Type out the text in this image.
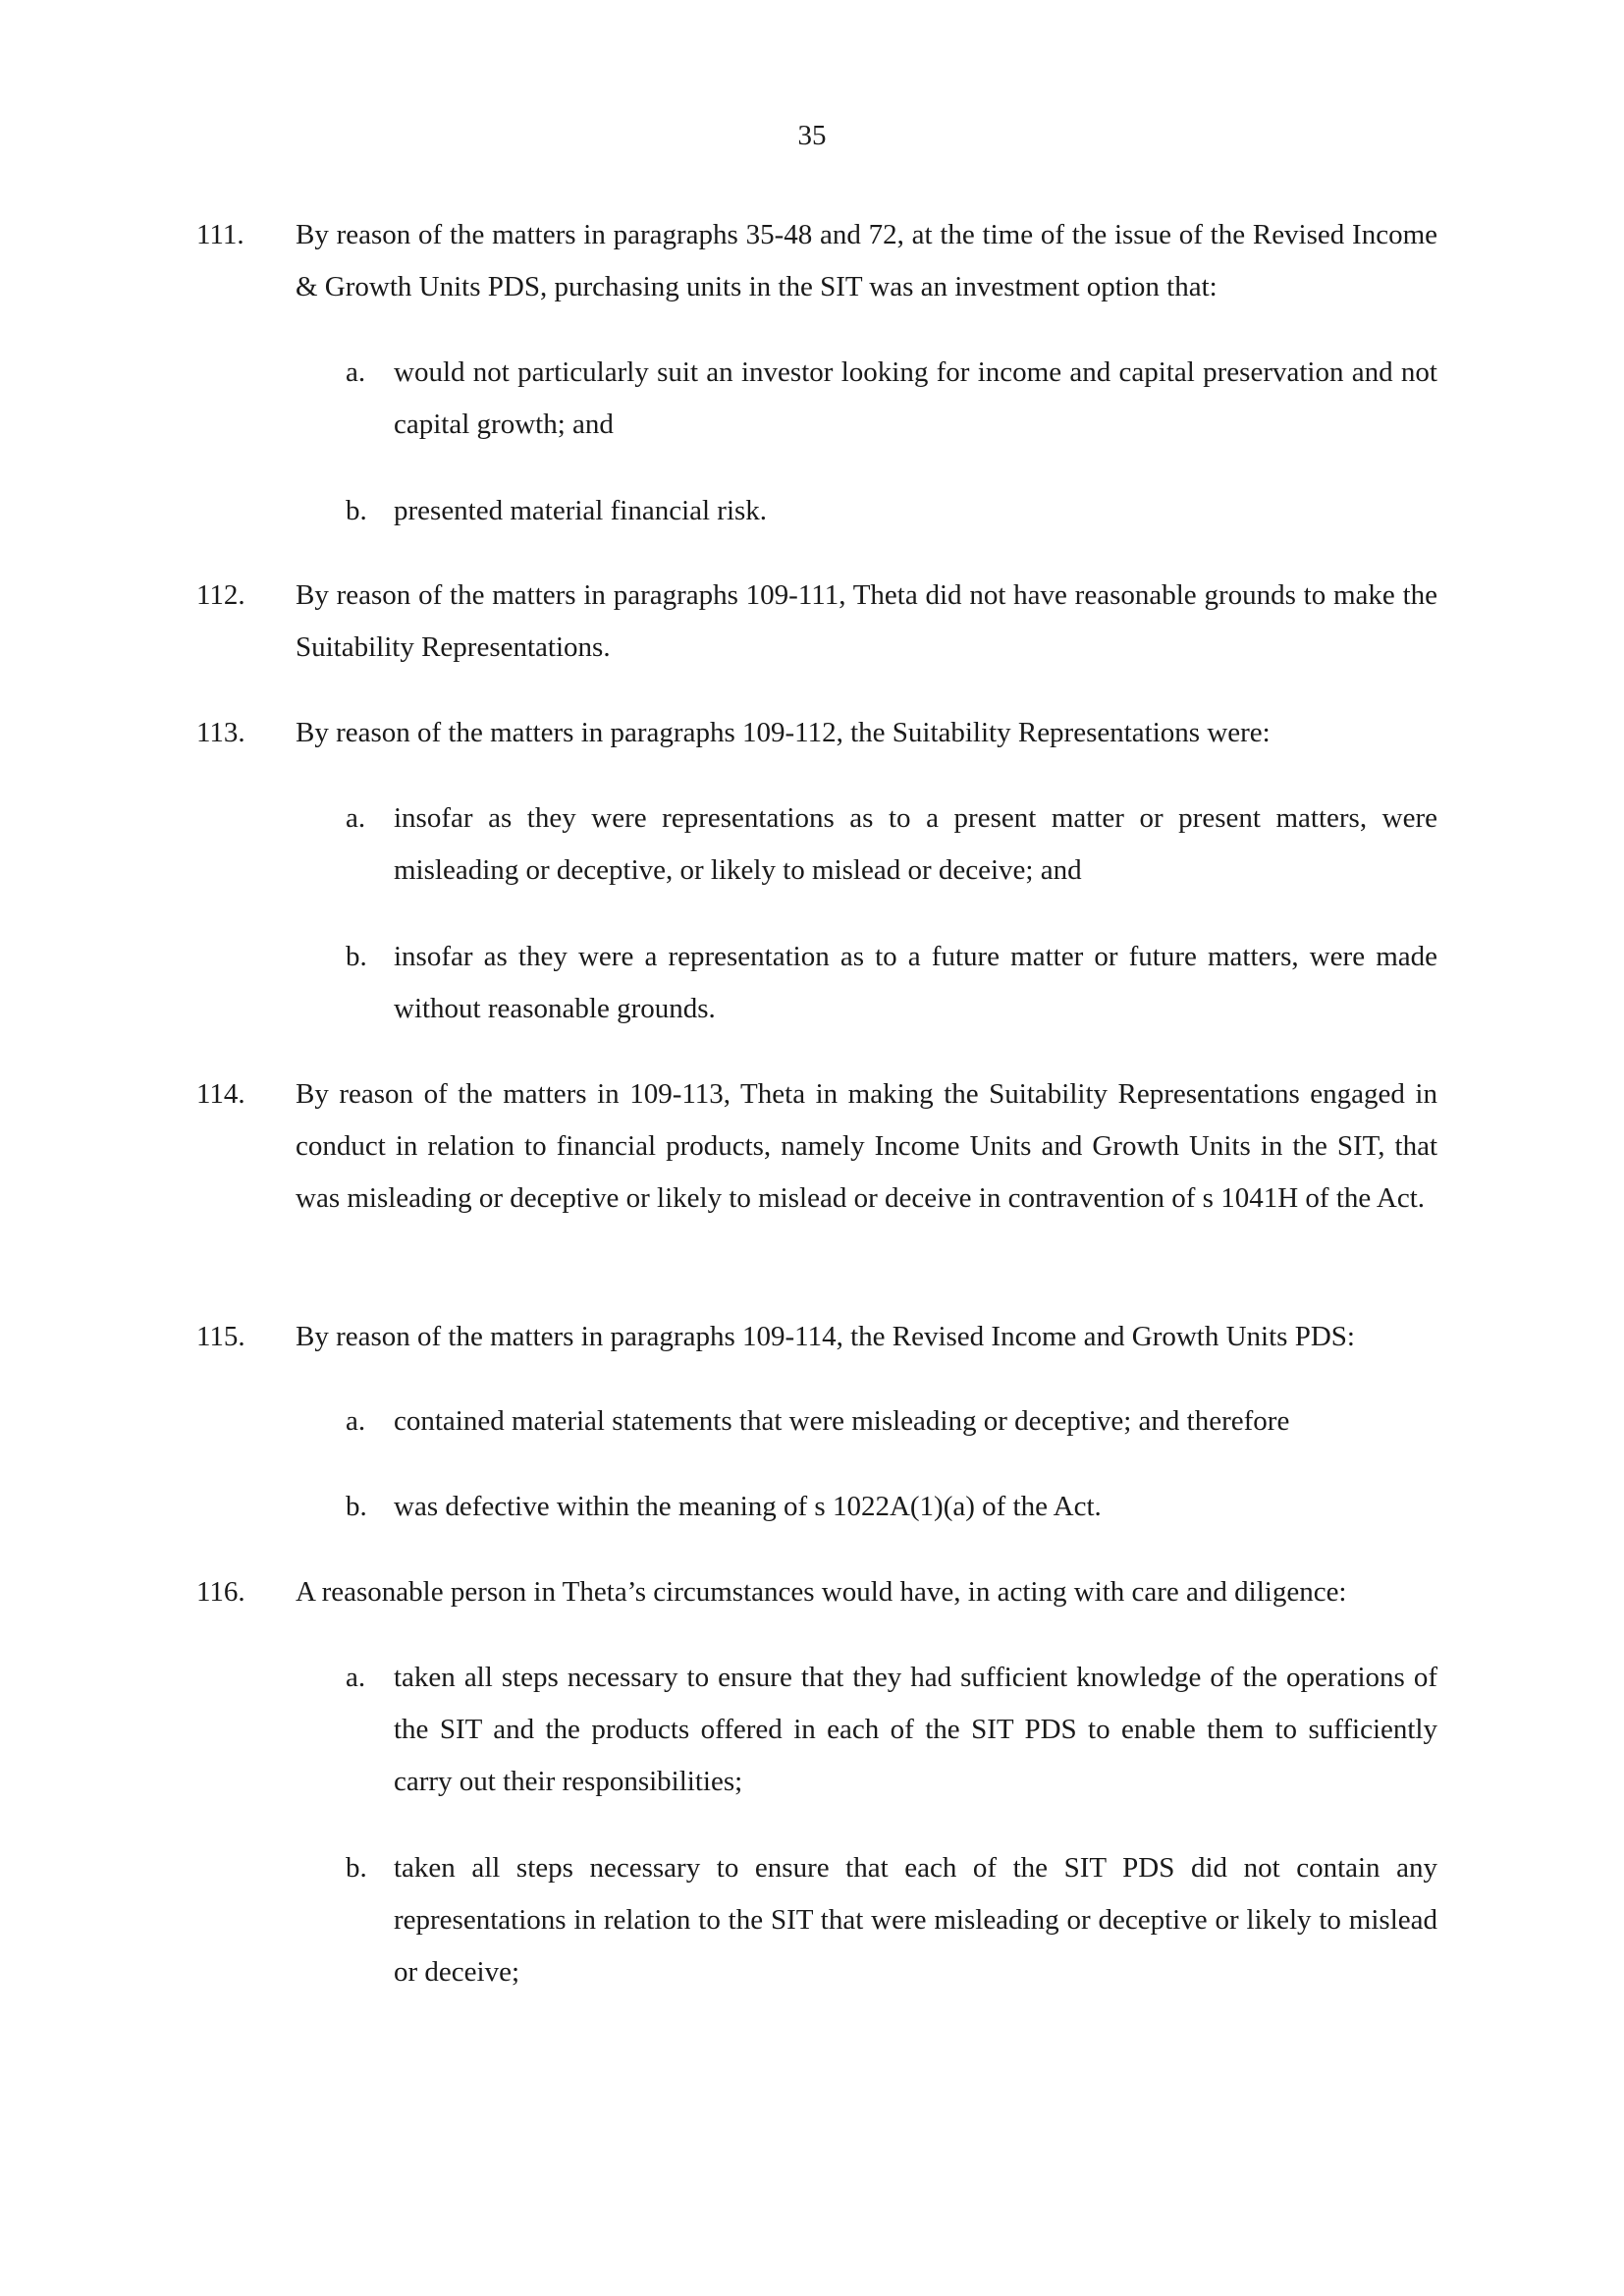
35
111. By reason of the matters in paragraphs 35-48 and 72, at the time of the issue of the Revised Income & Growth Units PDS, purchasing units in the SIT was an investment option that:
a. would not particularly suit an investor looking for income and capital preservation and not capital growth; and
b. presented material financial risk.
112. By reason of the matters in paragraphs 109-111, Theta did not have reasonable grounds to make the Suitability Representations.
113. By reason of the matters in paragraphs 109-112, the Suitability Representations were:
a. insofar as they were representations as to a present matter or present matters, were misleading or deceptive, or likely to mislead or deceive; and
b. insofar as they were a representation as to a future matter or future matters, were made without reasonable grounds.
114. By reason of the matters in 109-113, Theta in making the Suitability Representations engaged in conduct in relation to financial products, namely Income Units and Growth Units in the SIT, that was misleading or deceptive or likely to mislead or deceive in contravention of s 1041H of the Act.
115. By reason of the matters in paragraphs 109-114, the Revised Income and Growth Units PDS:
a. contained material statements that were misleading or deceptive; and therefore
b. was defective within the meaning of s 1022A(1)(a) of the Act.
116. A reasonable person in Theta’s circumstances would have, in acting with care and diligence:
a. taken all steps necessary to ensure that they had sufficient knowledge of the operations of the SIT and the products offered in each of the SIT PDS to enable them to sufficiently carry out their responsibilities;
b. taken all steps necessary to ensure that each of the SIT PDS did not contain any representations in relation to the SIT that were misleading or deceptive or likely to mislead or deceive;
